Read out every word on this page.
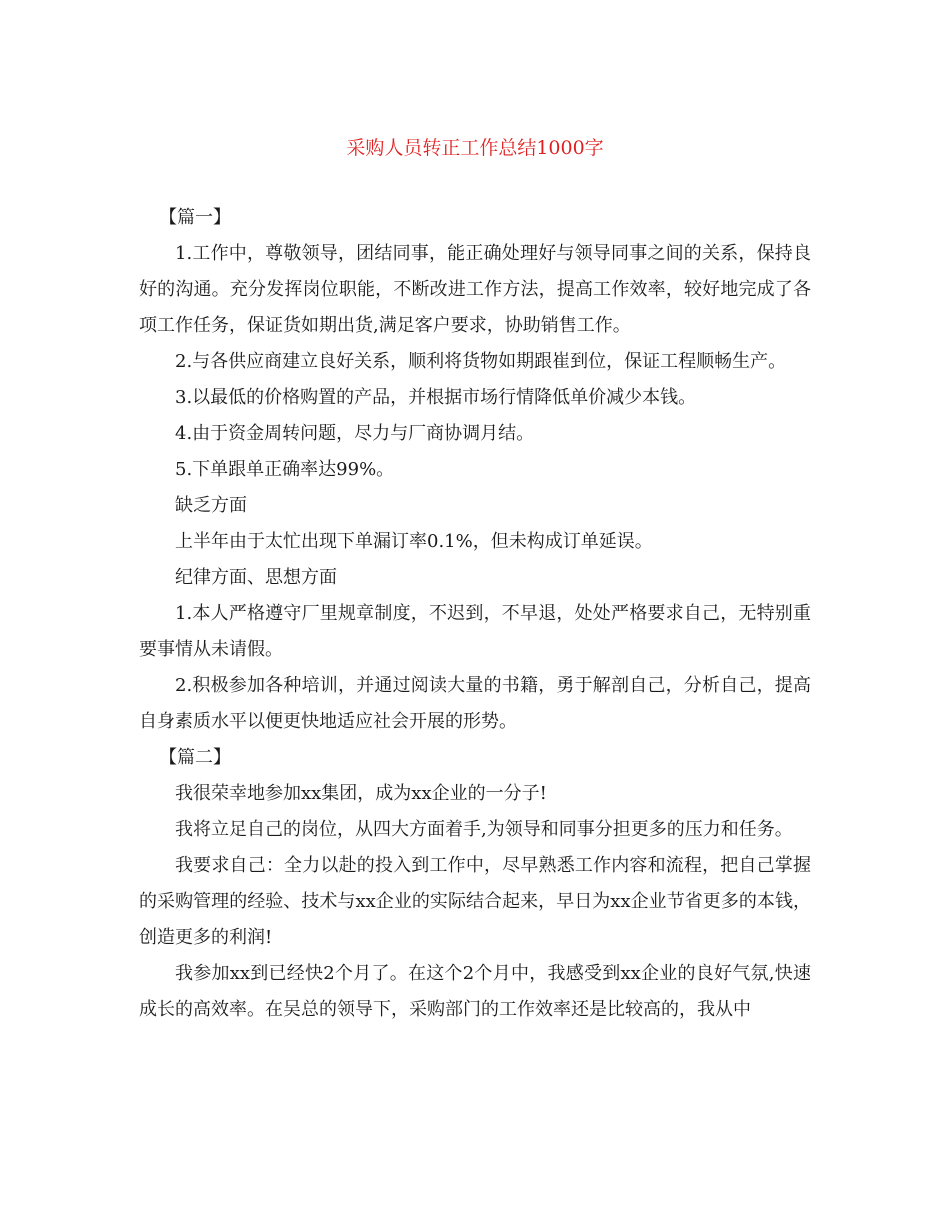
采购人员转正工作总结1000字

【篇一】

1.工作中，尊敬领导，团结同事，能正确处理好与领导同事之间的关系，保持良好的沟通。充分发挥岗位职能，不断改进工作方法，提高工作效率，较好地完成了各项工作任务，保证货如期出货,满足客户要求，协助销售工作。

2.与各供应商建立良好关系，顺利将货物如期跟崔到位，保证工程顺畅生产。

3.以最低的价格购置的产品，并根据市场行情降低单价减少本钱。

4.由于资金周转问题，尽力与厂商协调月结。

5.下单跟单正确率达99%。

缺乏方面

上半年由于太忙出现下单漏订率0.1%，但未构成订单延误。

纪律方面、思想方面

1.本人严格遵守厂里规章制度，不迟到，不早退，处处严格要求自己，无特别重要事情从未请假。

2.积极参加各种培训，并通过阅读大量的书籍，勇于解剖自己，分析自己，提高自身素质水平以便更快地适应社会开展的形势。

【篇二】

我很荣幸地参加xx集团，成为xx企业的一分子!

我将立足自己的岗位，从四大方面着手,为领导和同事分担更多的压力和任务。

我要求自己：全力以赴的投入到工作中，尽早熟悉工作内容和流程，把自己掌握的采购管理的经验、技术与xx企业的实际结合起来，早日为xx企业节省更多的本钱，创造更多的利润!

我参加xx到已经快2个月了。在这个2个月中，我感受到xx企业的良好气氛,快速成长的高效率。在吴总的领导下，采购部门的工作效率还是比较高的，我从中
